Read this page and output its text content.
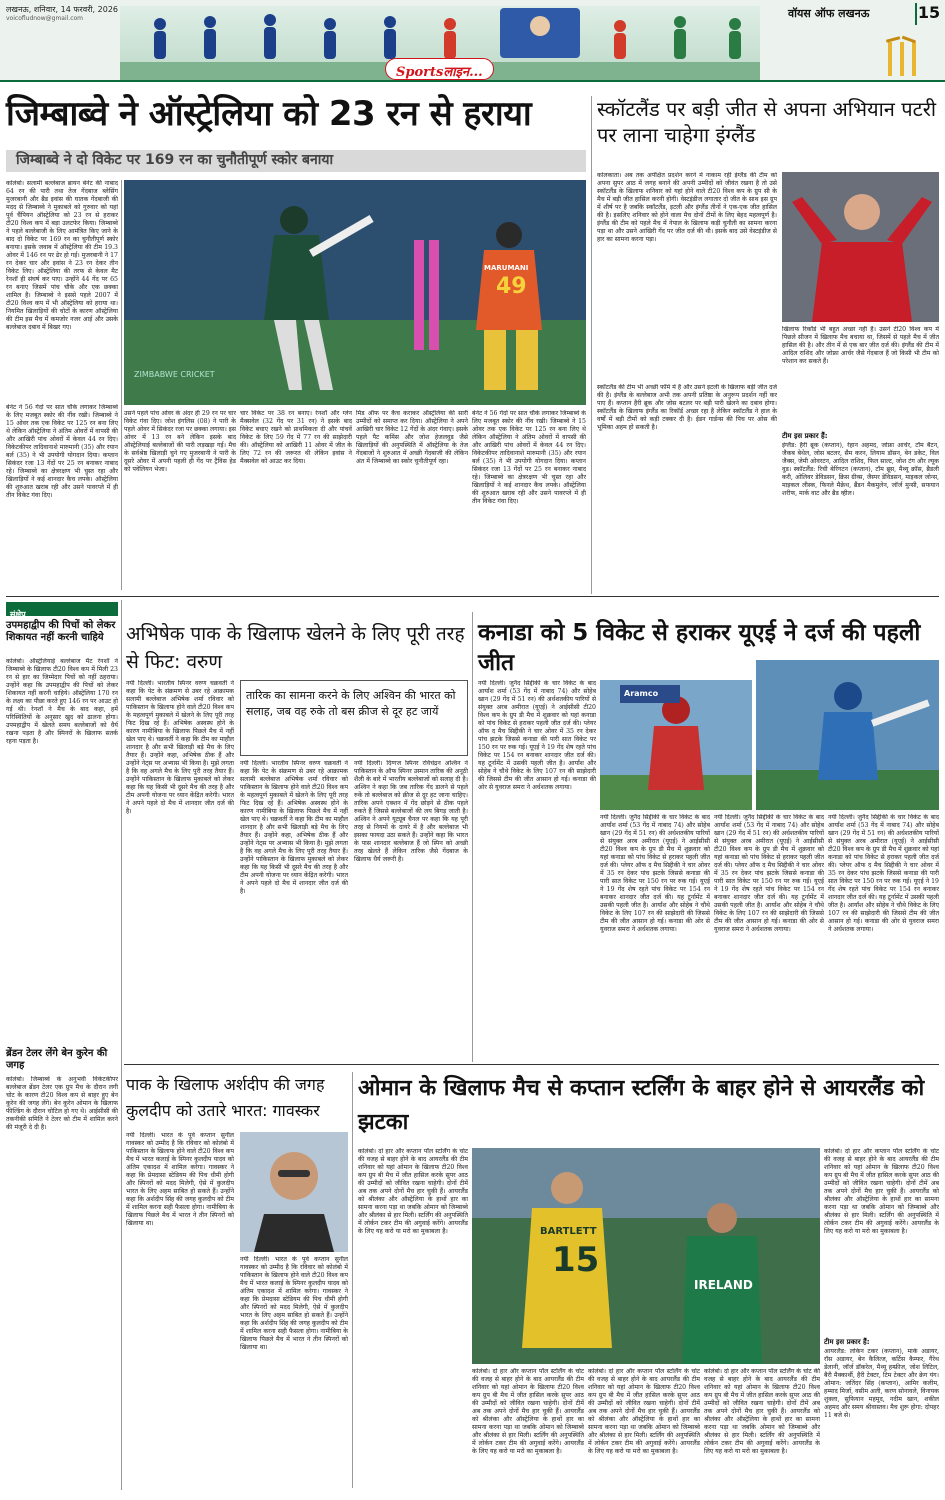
लखनऊ, शनिवार, 14 फरवरी, 2026
voicofludnow@gmail.com
Sportsलाइन...
वॉयस ऑफ लखनऊ	15
जिम्बाब्वे ने ऑस्ट्रेलिया को 23 रन से हराया
जिम्बाब्वे ने दो विकेट पर 169 रन का चुनौतीपूर्ण स्कोर बनाया
कोलंबो। सलामी बल्लेबाज ब्रायन बेनेट की नाबाद 64 रन की पारी तथा तेज गेंदबाज ब्लेसिंग मुजरबानी और ब्रैड इवांस की घातक गेंदबाजी की मदद से जिम्बाब्वे ने मुकाबले को गुरुवार को यहां पूर्व चैंपियन ऑस्ट्रेलिया को 23 रन से हराकर टी20 विश्व कप में बड़ा उलटफेर किया। जिम्बाब्वे ने पहले बल्लेबाजी के लिए आमंत्रित किए जाने के बाद दो विकेट पर 169 रन का चुनौतीपूर्ण स्कोर बनाया। इसके जवाब में ऑस्ट्रेलिया की टीम 19.3 ओवर में 146 रन पर ढेर हो गई। मुजरबानी ने 17 रन देकर चार और इवांस ने 23 रन देकर तीन विकेट लिए। ऑस्ट्रेलिया की तरफ से केवल मैट रेनशॉ ही संघर्ष कर पाए। उन्होंने 44 गेंद पर 65 रन बनाए जिसमें पांच चौके और एक छक्का शामिल है। जिम्बाब्वे ने इससे पहले 2007 में टी20 विश्व कप में भी ऑस्ट्रेलिया को हराया था। नियमित खिलाड़ियों की चोटों के कारण ऑस्ट्रेलिया की टीम इस मैच में कमजोर नजर आई और उसके बल्लेबाज दबाव में बिखर गए।
बेनेट ने 56 गेंदों पर सात चौके लगाकर जिम्बाब्वे के लिए मजबूत स्कोर की नींव रखी। जिम्बाब्वे ने 15 ओवर तक एक विकेट पर 125 रन बना लिए थे लेकिन ऑस्ट्रेलिया ने अंतिम ओवरों में वापसी की और आखिरी पांच ओवरों में केवल 44 रन दिए। विकेटकीपर तादिवानाशे मारुमानी (35) और रयान बर्ल (35) ने भी उपयोगी योगदान दिया। कप्तान सिकंदर रजा 13 गेंदों पर 25 रन बनाकर नाबाद रहे। जिम्बाब्वे का क्षेत्ररक्षण भी चुस्त रहा और खिलाड़ियों ने कई शानदार कैच लपके। ऑस्ट्रेलिया की शुरुआत खराब रही और उसने पावरप्ले में ही तीन विकेट गंवा दिए।
MARUMANI
49
ZIMBABWE CRICKET
उसने पहले पांच ओवर के अंदर ही 29 रन पर चार विकेट गंवा दिए। जोश इंगलिस (08) ने पारी के पहले ओवर में सिकंदर रजा पर छक्का लगाया। इस ओवर में 13 रन बने लेकिन इसके बाद ऑस्ट्रेलियाई बल्लेबाजों की पारी लड़खड़ा गई। मैच के सर्वश्रेष्ठ खिलाड़ी चुने गए मुजरबानी ने पारी के दूसरे ओवर में अपनी पहली ही गेंद पर ट्रैविस हेड को पवेलियन भेजा।
चार विकेट पर 38 रन बनाए। रेनशॉ और ग्लेन मैक्सवेल (32 गेंद पर 31 रन) ने इसके बाद विकेट बचाए रखने को प्राथमिकता दी और पांचवें विकेट के लिए 59 गेंद में 77 रन की साझेदारी की। ऑस्ट्रेलिया को आखिरी 11 ओवर में जीत के लिए 72 रन की जरूरत थी लेकिन इवांस ने मैक्सवेल को आउट कर दिया।
मिड ऑफ पर कैच कराकर ऑस्ट्रेलिया की सारी उम्मीदों को समाप्त कर दिया। ऑस्ट्रेलिया ने अपने आखिरी चार विकेट 12 गेंदों के अंदर गंवाए। इसके पहले पैट कमिंस और जोश हेजलवुड जैसे खिलाड़ियों की अनुपस्थिति में ऑस्ट्रेलिया के तेज गेंदबाजों ने शुरुआत में अच्छी गेंदबाजी की लेकिन अंत में जिम्बाब्वे का स्कोर चुनौतीपूर्ण रहा।
बेनेट ने 56 गेंदों पर सात चौके लगाकर जिम्बाब्वे के लिए मजबूत स्कोर की नींव रखी। जिम्बाब्वे ने 15 ओवर तक एक विकेट पर 125 रन बना लिए थे लेकिन ऑस्ट्रेलिया ने अंतिम ओवरों में वापसी की और आखिरी पांच ओवरों में केवल 44 रन दिए। विकेटकीपर तादिवानाशे मारुमानी (35) और रयान बर्ल (35) ने भी उपयोगी योगदान दिया। कप्तान सिकंदर रजा 13 गेंदों पर 25 रन बनाकर नाबाद रहे। जिम्बाब्वे का क्षेत्ररक्षण भी चुस्त रहा और खिलाड़ियों ने कई शानदार कैच लपके। ऑस्ट्रेलिया की शुरुआत खराब रही और उसने पावरप्ले में ही तीन विकेट गंवा दिए।
स्कॉटलैंड पर बड़ी जीत से अपना अभियान पटरी पर लाना चाहेगा इंग्लैंड
कोलकाता। अब तक अपेक्षित प्रदर्शन करने में नाकाम रही इंग्लैंड की टीम को अपना सुपर आठ में जगह बनाने की अपनी उम्मीदों को जीवंत रखना है तो उसे स्कॉटलैंड के खिलाफ शनिवार को यहां होने वाले टी20 विश्व कप के ग्रुप सी के मैच में बड़ी जीत हासिल करनी होगी। वेस्टइंडीज लगातार दो जीत के साथ इस ग्रुप में शीर्ष पर है जबकि स्कॉटलैंड, इटली और इंग्लैंड तीनों ने एक-एक जीत हासिल की है। इसलिए शनिवार को होने वाला मैच दोनों टीमों के लिए बेहद महत्वपूर्ण है। इंग्लैंड की टीम को पहले मैच में नेपाल के खिलाफ कड़ी चुनौती का सामना करना पड़ा था और उसने आखिरी गेंद पर जीत दर्ज की थी। इसके बाद उसे वेस्टइंडीज से हार का सामना करना पड़ा।
स्कॉटलैंड की टीम भी अच्छी फॉर्म में है और उसने इटली के खिलाफ बड़ी जीत दर्ज की है। इंग्लैंड के बल्लेबाज अभी तक अपनी प्रतिष्ठा के अनुरूप प्रदर्शन नहीं कर पाए हैं। कप्तान हैरी ब्रूक और जोस बटलर पर बड़ी पारी खेलने का दबाव होगा। स्कॉटलैंड के खिलाफ इंग्लैंड का रिकॉर्ड अच्छा रहा है लेकिन स्कॉटलैंड ने हाल के वर्षों में बड़ी टीमों को कड़ी टक्कर दी है। ईडन गार्डन्स की पिच पर ओस की भूमिका अहम हो सकती है।
खिलाफ रिकॉर्ड भी बहुत अच्छा नहीं है। उसने टी20 विश्व कप में पिछले सीजन में खिलाफ मैच बचाया था, जिसमें से पहले मैच में जीत हासिल की है। और तीन में से एक बार जीत दर्ज की। इंग्लैंड की टीम में आदिल राशिद और जोफ्रा आर्चर जैसे गेंदबाज हैं जो किसी भी टीम को परेशान कर सकते हैं।
टीम इस प्रकार हैं:
इंग्लैंड: हैरी ब्रूक (कप्तान), रेहान अहमद, जोफ्रा आर्चर, टॉम बैंटन, जैकब बेथेल, जोस बटलर, सैम करन, लियाम डॉसन, बेन डकेट, विल जैक्स, जेमी ओवरटन, आदिल राशिद, फिल साल्ट, जोश टंग और ल्यूक वुड। स्कॉटलैंड: रिची बेरिंगटन (कप्तान), टॉम ब्रूस, मैथ्यू क्रॉस, ब्रैडली करी, ओलिवर डेविडसन, क्रिस ग्रीव्स, जैस्पर डेविडसन, माइकल जोन्स, माइकल लीस्क, फिनले मैक्रेथ, ब्रैंडन मैकमुलेन, जॉर्ज मुन्सी, सफयान शरीफ, मार्क वाट और ब्रैड व्हील।
संक्षेप
उपमहाद्वीप की पिचों को लेकर शिकायत नहीं करनी चाहिये
कोलंबो। ऑस्ट्रेलियाई बल्लेबाज मैट रेनशॉ ने जिम्बाब्वे के खिलाफ टी20 विश्व कप में मिली 23 रन से हार का जिम्मेदार पिचों को नहीं ठहराया। उन्होंने कहा कि उपमहाद्वीप की पिचों को लेकर शिकायत नहीं करनी चाहिये। ऑस्ट्रेलिया 170 रन के लक्ष्य का पीछा करते हुए 146 रन पर आउट हो गई थी। रेनशॉ ने मैच के बाद कहा, हमें परिस्थितियों के अनुसार खुद को ढालना होगा। उपमहाद्वीप में खेलते समय बल्लेबाजों को धैर्य रखना पड़ता है और स्पिनरों के खिलाफ सतर्क रहना पड़ता है।
ब्रेंडन टेलर लेंगे बेन कुरेन की जगह
कोलंबो। जिम्बाब्वे के अनुभवी विकेटकीपर बल्लेबाज ब्रेंडन टेलर एक ग्रुप मैच के दौरान लगी चोट के कारण टी20 विश्व कप से बाहर हुए बेन कुरेन की जगह लेंगे। बेन कुरेन ओमान के खिलाफ फील्डिंग के दौरान चोटिल हो गए थे। आईसीसी की तकनीकी समिति ने टेलर को टीम में शामिल करने की मंजूरी दे दी है।
अभिषेक पाक के खिलाफ खेलने के लिए पूरी तरह से फिट: वरुण
नयी दिल्ली। भारतीय स्पिनर वरुण चक्रवर्ती ने कहा कि पेट के संक्रमण से उबर रहे आक्रामक सलामी बल्लेबाज अभिषेक शर्मा रविवार को पाकिस्तान के खिलाफ होने वाले टी20 विश्व कप के महत्वपूर्ण मुकाबले में खेलने के लिए पूरी तरह फिट दिख रहे हैं। अभिषेक अस्वस्थ होने के कारण नामीबिया के खिलाफ पिछले मैच में नहीं खेल पाए थे। चक्रवर्ती ने कहा कि टीम का माहौल शानदार है और सभी खिलाड़ी बड़े मैच के लिए तैयार हैं। उन्होंने कहा, अभिषेक ठीक हैं और उन्होंने नेट्स पर अभ्यास भी किया है। मुझे लगता है कि वह अगले मैच के लिए पूरी तरह तैयार हैं। उन्होंने पाकिस्तान के खिलाफ मुकाबले को लेकर कहा कि यह किसी भी दूसरे मैच की तरह है और टीम अपनी योजना पर ध्यान केंद्रित करेगी। भारत ने अपने पहले दो मैच में शानदार जीत दर्ज की है।
नयी दिल्ली। भारतीय स्पिनर वरुण चक्रवर्ती ने कहा कि पेट के संक्रमण से उबर रहे आक्रामक सलामी बल्लेबाज अभिषेक शर्मा रविवार को पाकिस्तान के खिलाफ होने वाले टी20 विश्व कप के महत्वपूर्ण मुकाबले में खेलने के लिए पूरी तरह फिट दिख रहे हैं। अभिषेक अस्वस्थ होने के कारण नामीबिया के खिलाफ पिछले मैच में नहीं खेल पाए थे। चक्रवर्ती ने कहा कि टीम का माहौल शानदार है और सभी खिलाड़ी बड़े मैच के लिए तैयार हैं। उन्होंने कहा, अभिषेक ठीक हैं और उन्होंने नेट्स पर अभ्यास भी किया है। मुझे लगता है कि वह अगले मैच के लिए पूरी तरह तैयार हैं। उन्होंने पाकिस्तान के खिलाफ मुकाबले को लेकर कहा कि यह किसी भी दूसरे मैच की तरह है और टीम अपनी योजना पर ध्यान केंद्रित करेगी। भारत ने अपने पहले दो मैच में शानदार जीत दर्ज की है।
तारिक का सामना करने के लिए अश्विन की भारत को सलाह, जब वह रुके तो बस क्रीज से दूर हट जायें
नयी दिल्ली। दिग्गज स्पिनर रविचंद्रन अश्विन ने पाकिस्तान के ऑफ स्पिनर उस्मान तारिक की अनूठी शैली के बारे में भारतीय बल्लेबाजों को सलाह दी है। अश्विन ने कहा कि जब तारिक गेंद डालने से पहले रुकें तो बल्लेबाज को क्रीज से दूर हट जाना चाहिए। तारिक अपने एक्शन में गेंद छोड़ने से ठीक पहले रुकते हैं जिससे बल्लेबाजों की लय बिगड़ जाती है। अश्विन ने अपने यूट्यूब चैनल पर कहा कि यह पूरी तरह से नियमों के दायरे में है और बल्लेबाज भी इसका फायदा उठा सकते हैं। उन्होंने कहा कि भारत के पास शानदार बल्लेबाज हैं जो स्पिन को अच्छी तरह खेलते हैं लेकिन तारिक जैसे गेंदबाज के खिलाफ धैर्य जरूरी है।
कनाडा को 5 विकेट से हराकर यूएई ने दर्ज की पहली जीत
नयी दिल्ली। जुनैद सिद्दीकी के चार विकेट के बाद आर्यांश शर्मा (53 गेंद में नाबाद 74) और सोहेब खान (29 गेंद में 51 रन) की अर्धशतकीय पारियों से संयुक्त अरब अमीरात (यूएई) ने आईसीसी टी20 विश्व कप के ग्रुप डी मैच में शुक्रवार को यहां कनाडा को पांच विकेट से हराकर पहली जीत दर्ज की। प्लेयर ऑफ द मैच सिद्दीकी ने चार ओवर में 35 रन देकर पांच झटके जिससे कनाडा की पारी सात विकेट पर 150 रन पर रुक गई। यूएई ने 19 गेंद शेष रहते पांच विकेट पर 154 रन बनाकर शानदार जीत दर्ज की। यह टूर्नामेंट में उसकी पहली जीत है। आर्यांश और सोहेब ने चौथे विकेट के लिए 107 रन की साझेदारी की जिससे टीम की जीत आसान हो गई। कनाडा की ओर से युवराज समरा ने अर्धशतक लगाया।
Aramco
नयी दिल्ली। जुनैद सिद्दीकी के चार विकेट के बाद आर्यांश शर्मा (53 गेंद में नाबाद 74) और सोहेब खान (29 गेंद में 51 रन) की अर्धशतकीय पारियों से संयुक्त अरब अमीरात (यूएई) ने आईसीसी टी20 विश्व कप के ग्रुप डी मैच में शुक्रवार को यहां कनाडा को पांच विकेट से हराकर पहली जीत दर्ज की। प्लेयर ऑफ द मैच सिद्दीकी ने चार ओवर में 35 रन देकर पांच झटके जिससे कनाडा की पारी सात विकेट पर 150 रन पर रुक गई। यूएई ने 19 गेंद शेष रहते पांच विकेट पर 154 रन बनाकर शानदार जीत दर्ज की। यह टूर्नामेंट में उसकी पहली जीत है। आर्यांश और सोहेब ने चौथे विकेट के लिए 107 रन की साझेदारी की जिससे टीम की जीत आसान हो गई। कनाडा की ओर से युवराज समरा ने अर्धशतक लगाया।
नयी दिल्ली। जुनैद सिद्दीकी के चार विकेट के बाद आर्यांश शर्मा (53 गेंद में नाबाद 74) और सोहेब खान (29 गेंद में 51 रन) की अर्धशतकीय पारियों से संयुक्त अरब अमीरात (यूएई) ने आईसीसी टी20 विश्व कप के ग्रुप डी मैच में शुक्रवार को यहां कनाडा को पांच विकेट से हराकर पहली जीत दर्ज की। प्लेयर ऑफ द मैच सिद्दीकी ने चार ओवर में 35 रन देकर पांच झटके जिससे कनाडा की पारी सात विकेट पर 150 रन पर रुक गई। यूएई ने 19 गेंद शेष रहते पांच विकेट पर 154 रन बनाकर शानदार जीत दर्ज की। यह टूर्नामेंट में उसकी पहली जीत है। आर्यांश और सोहेब ने चौथे विकेट के लिए 107 रन की साझेदारी की जिससे टीम की जीत आसान हो गई। कनाडा की ओर से युवराज समरा ने अर्धशतक लगाया।
नयी दिल्ली। जुनैद सिद्दीकी के चार विकेट के बाद आर्यांश शर्मा (53 गेंद में नाबाद 74) और सोहेब खान (29 गेंद में 51 रन) की अर्धशतकीय पारियों से संयुक्त अरब अमीरात (यूएई) ने आईसीसी टी20 विश्व कप के ग्रुप डी मैच में शुक्रवार को यहां कनाडा को पांच विकेट से हराकर पहली जीत दर्ज की। प्लेयर ऑफ द मैच सिद्दीकी ने चार ओवर में 35 रन देकर पांच झटके जिससे कनाडा की पारी सात विकेट पर 150 रन पर रुक गई। यूएई ने 19 गेंद शेष रहते पांच विकेट पर 154 रन बनाकर शानदार जीत दर्ज की। यह टूर्नामेंट में उसकी पहली जीत है। आर्यांश और सोहेब ने चौथे विकेट के लिए 107 रन की साझेदारी की जिससे टीम की जीत आसान हो गई। कनाडा की ओर से युवराज समरा ने अर्धशतक लगाया।
पाक के खिलाफ अर्शदीप की जगह कुलदीप को उतारे भारत: गावस्कर
नयी दिल्ली। भारत के पूर्व कप्तान सुनील गावस्कर को उम्मीद है कि रविवार को कोलंबो में पाकिस्तान के खिलाफ होने वाले टी20 विश्व कप मैच में भारत कलाई के स्पिनर कुलदीप यादव को अंतिम एकादश में शामिल करेगा। गावस्कर ने कहा कि प्रेमदासा स्टेडियम की पिच धीमी होगी और स्पिनरों को मदद मिलेगी, ऐसे में कुलदीप भारत के लिए अहम साबित हो सकते हैं। उन्होंने कहा कि अर्शदीप सिंह की जगह कुलदीप को टीम में शामिल करना सही फैसला होगा। नामीबिया के खिलाफ पिछले मैच में भारत ने तीन स्पिनरों को खिलाया था।
नयी दिल्ली। भारत के पूर्व कप्तान सुनील गावस्कर को उम्मीद है कि रविवार को कोलंबो में पाकिस्तान के खिलाफ होने वाले टी20 विश्व कप मैच में भारत कलाई के स्पिनर कुलदीप यादव को अंतिम एकादश में शामिल करेगा। गावस्कर ने कहा कि प्रेमदासा स्टेडियम की पिच धीमी होगी और स्पिनरों को मदद मिलेगी, ऐसे में कुलदीप भारत के लिए अहम साबित हो सकते हैं। उन्होंने कहा कि अर्शदीप सिंह की जगह कुलदीप को टीम में शामिल करना सही फैसला होगा। नामीबिया के खिलाफ पिछले मैच में भारत ने तीन स्पिनरों को खिलाया था।
ओमान के खिलाफ मैच से कप्तान स्टर्लिंग के बाहर होने से आयरलैंड को झटका
कोलंबो। दो हार और कप्तान पॉल स्टर्लिंग के चोट की वजह से बाहर होने के बाद आयरलैंड की टीम शनिवार को यहां ओमान के खिलाफ टी20 विश्व कप ग्रुप बी मैच में जीत हासिल करके सुपर आठ की उम्मीदों को जीवित रखना चाहेगी। दोनों टीमें अब तक अपने दोनों मैच हार चुकी हैं। आयरलैंड को श्रीलंका और ऑस्ट्रेलिया के हाथों हार का सामना करना पड़ा था जबकि ओमान को जिम्बाब्वे और श्रीलंका से हार मिली। स्टर्लिंग की अनुपस्थिति में लोर्कन टकर टीम की अगुवाई करेंगे। आयरलैंड के लिए यह करो या मरो का मुकाबला है।	BARTLETT
15
IRELAND
कोलंबो। दो हार और कप्तान पॉल स्टर्लिंग के चोट की वजह से बाहर होने के बाद आयरलैंड की टीम शनिवार को यहां ओमान के खिलाफ टी20 विश्व कप ग्रुप बी मैच में जीत हासिल करके सुपर आठ की उम्मीदों को जीवित रखना चाहेगी। दोनों टीमें अब तक अपने दोनों मैच हार चुकी हैं। आयरलैंड को श्रीलंका और ऑस्ट्रेलिया के हाथों हार का सामना करना पड़ा था जबकि ओमान को जिम्बाब्वे और श्रीलंका से हार मिली। स्टर्लिंग की अनुपस्थिति में लोर्कन टकर टीम की अगुवाई करेंगे। आयरलैंड के लिए यह करो या मरो का मुकाबला है।
कोलंबो। दो हार और कप्तान पॉल स्टर्लिंग के चोट की वजह से बाहर होने के बाद आयरलैंड की टीम शनिवार को यहां ओमान के खिलाफ टी20 विश्व कप ग्रुप बी मैच में जीत हासिल करके सुपर आठ की उम्मीदों को जीवित रखना चाहेगी। दोनों टीमें अब तक अपने दोनों मैच हार चुकी हैं। आयरलैंड को श्रीलंका और ऑस्ट्रेलिया के हाथों हार का सामना करना पड़ा था जबकि ओमान को जिम्बाब्वे और श्रीलंका से हार मिली। स्टर्लिंग की अनुपस्थिति में लोर्कन टकर टीम की अगुवाई करेंगे। आयरलैंड के लिए यह करो या मरो का मुकाबला है।
कोलंबो। दो हार और कप्तान पॉल स्टर्लिंग के चोट की वजह से बाहर होने के बाद आयरलैंड की टीम शनिवार को यहां ओमान के खिलाफ टी20 विश्व कप ग्रुप बी मैच में जीत हासिल करके सुपर आठ की उम्मीदों को जीवित रखना चाहेगी। दोनों टीमें अब तक अपने दोनों मैच हार चुकी हैं। आयरलैंड को श्रीलंका और ऑस्ट्रेलिया के हाथों हार का सामना करना पड़ा था जबकि ओमान को जिम्बाब्वे और श्रीलंका से हार मिली। स्टर्लिंग की अनुपस्थिति में लोर्कन टकर टीम की अगुवाई करेंगे। आयरलैंड के लिए यह करो या मरो का मुकाबला है।
कोलंबो। दो हार और कप्तान पॉल स्टर्लिंग के चोट की वजह से बाहर होने के बाद आयरलैंड की टीम शनिवार को यहां ओमान के खिलाफ टी20 विश्व कप ग्रुप बी मैच में जीत हासिल करके सुपर आठ की उम्मीदों को जीवित रखना चाहेगी। दोनों टीमें अब तक अपने दोनों मैच हार चुकी हैं। आयरलैंड को श्रीलंका और ऑस्ट्रेलिया के हाथों हार का सामना करना पड़ा था जबकि ओमान को जिम्बाब्वे और श्रीलंका से हार मिली। स्टर्लिंग की अनुपस्थिति में लोर्कन टकर टीम की अगुवाई करेंगे। आयरलैंड के लिए यह करो या मरो का मुकाबला है।
टीम इस प्रकार हैं:
आयरलैंड: लोर्कन टकर (कप्तान), मार्क अडायर, रॉस अडायर, बेन कैलित्ज, कर्टिस कैम्फर, गैरेथ डेलानी, जॉर्ज डॉकरेल, मैथ्यू हम्फ्रीज, जोश लिटिल, बैरी मैक्कार्थी, हैरी टेक्टर, टिम टेक्टर और क्रेग यंग। ओमान: जतिंदर सिंह (कप्तान), आमिर कलीम, हम्माद मिर्जा, वसीम अली, करण सोनावले, विनायक शुक्ला, सुफियान महमूद, नदीम खान, शकील अहमद और समय श्रीवास्तव। मैच शुरू होगा: दोपहर 11 बजे से।
